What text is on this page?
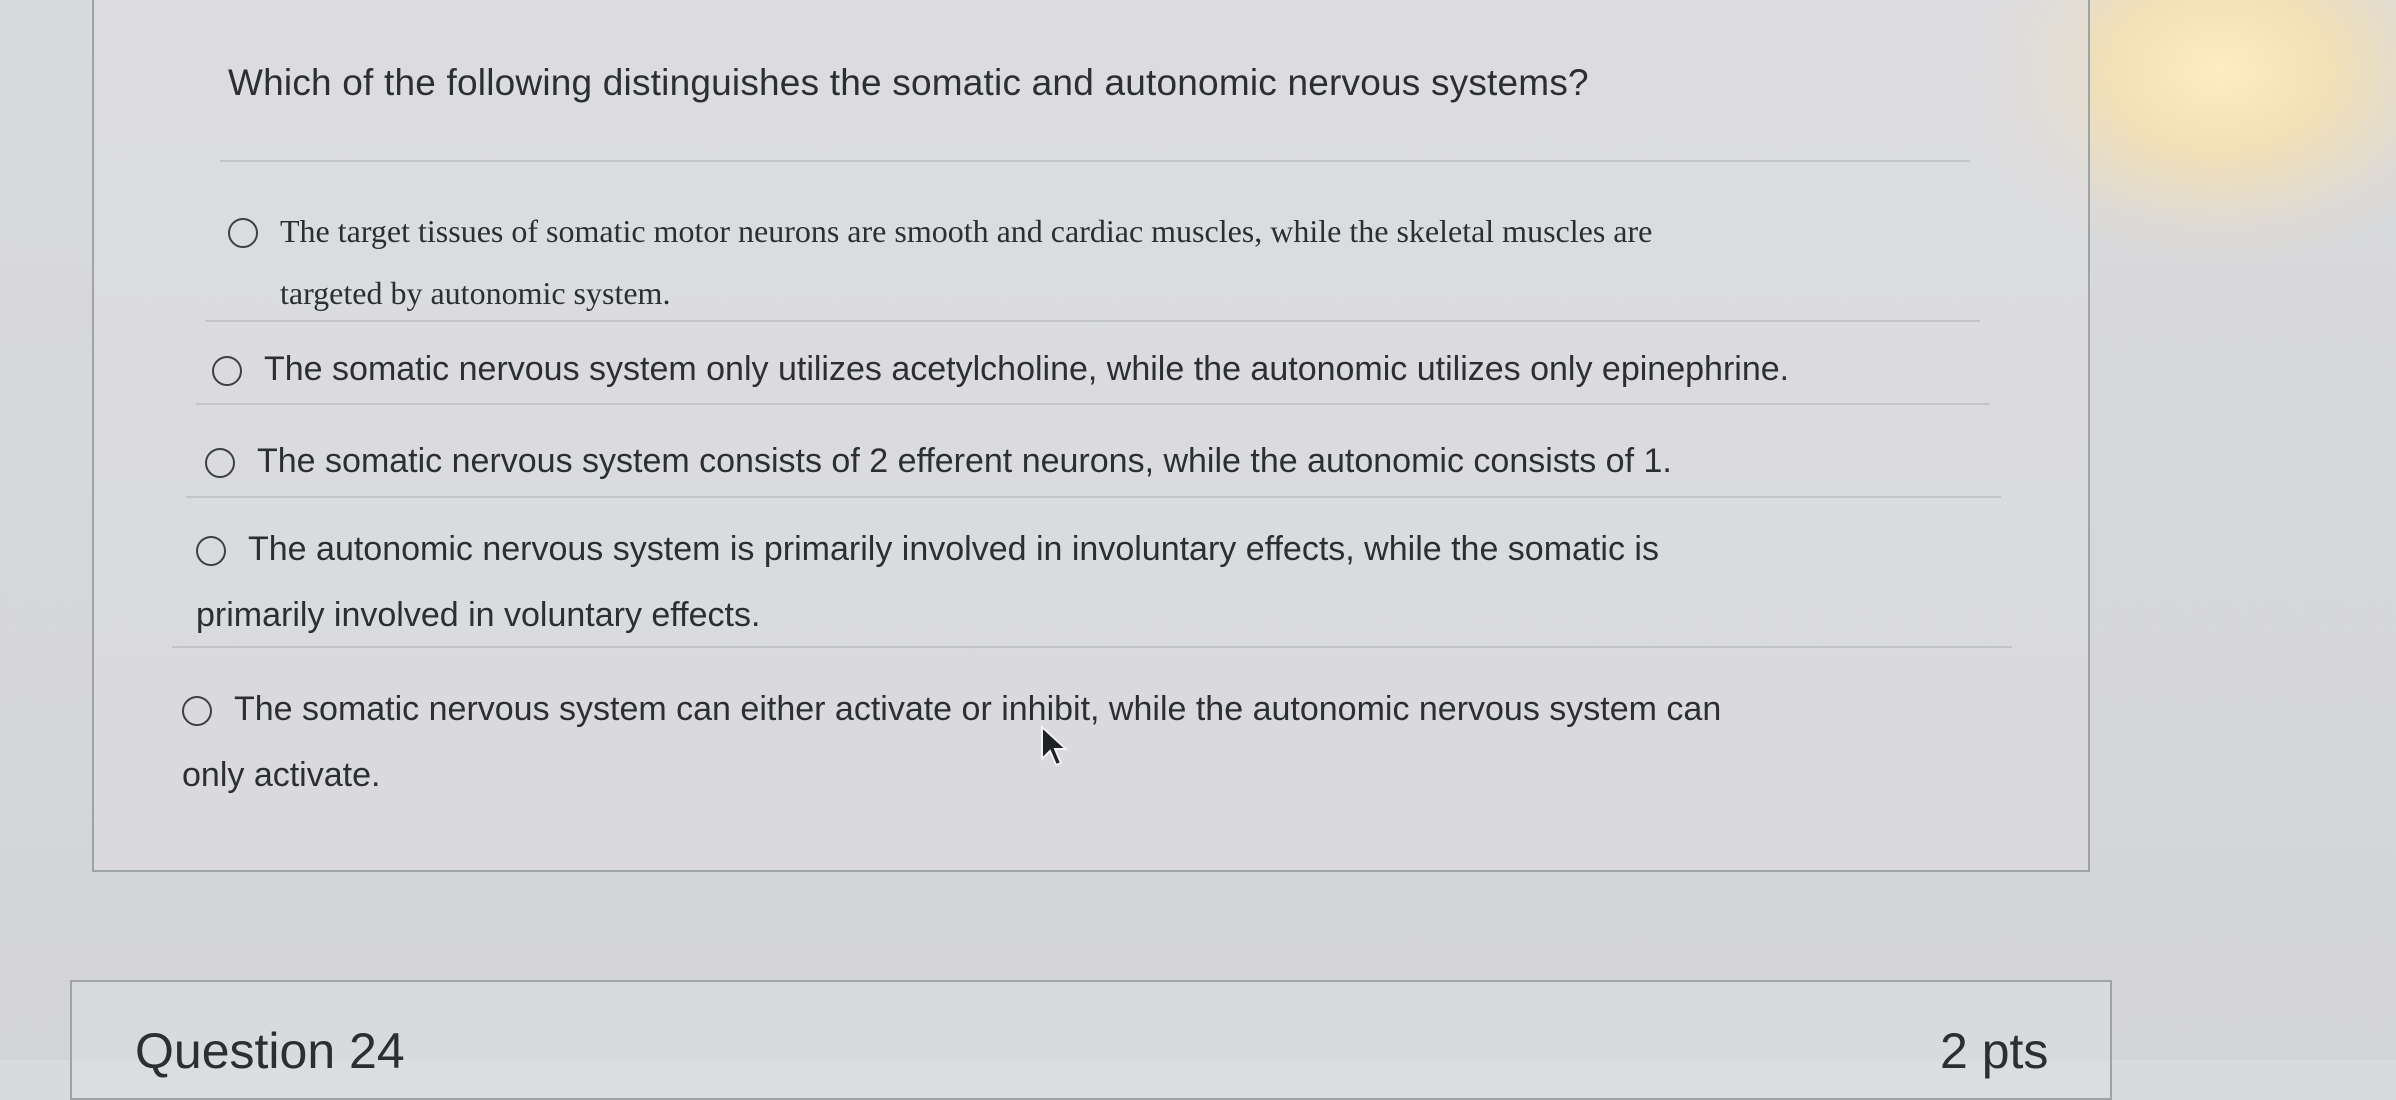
Which of the following distinguishes the somatic and autonomic nervous systems?
The target tissues of somatic motor neurons are smooth and cardiac muscles, while the skeletal muscles are
targeted by autonomic system.
The somatic nervous system only utilizes acetylcholine, while the autonomic utilizes only epinephrine.
The somatic nervous system consists of 2 efferent neurons, while the autonomic consists of 1.
The autonomic nervous system is primarily involved in involuntary effects, while the somatic is
primarily involved in voluntary effects.
The somatic nervous system can either activate or inhibit, while the autonomic nervous system can
only activate.
Question 24	2 pts
